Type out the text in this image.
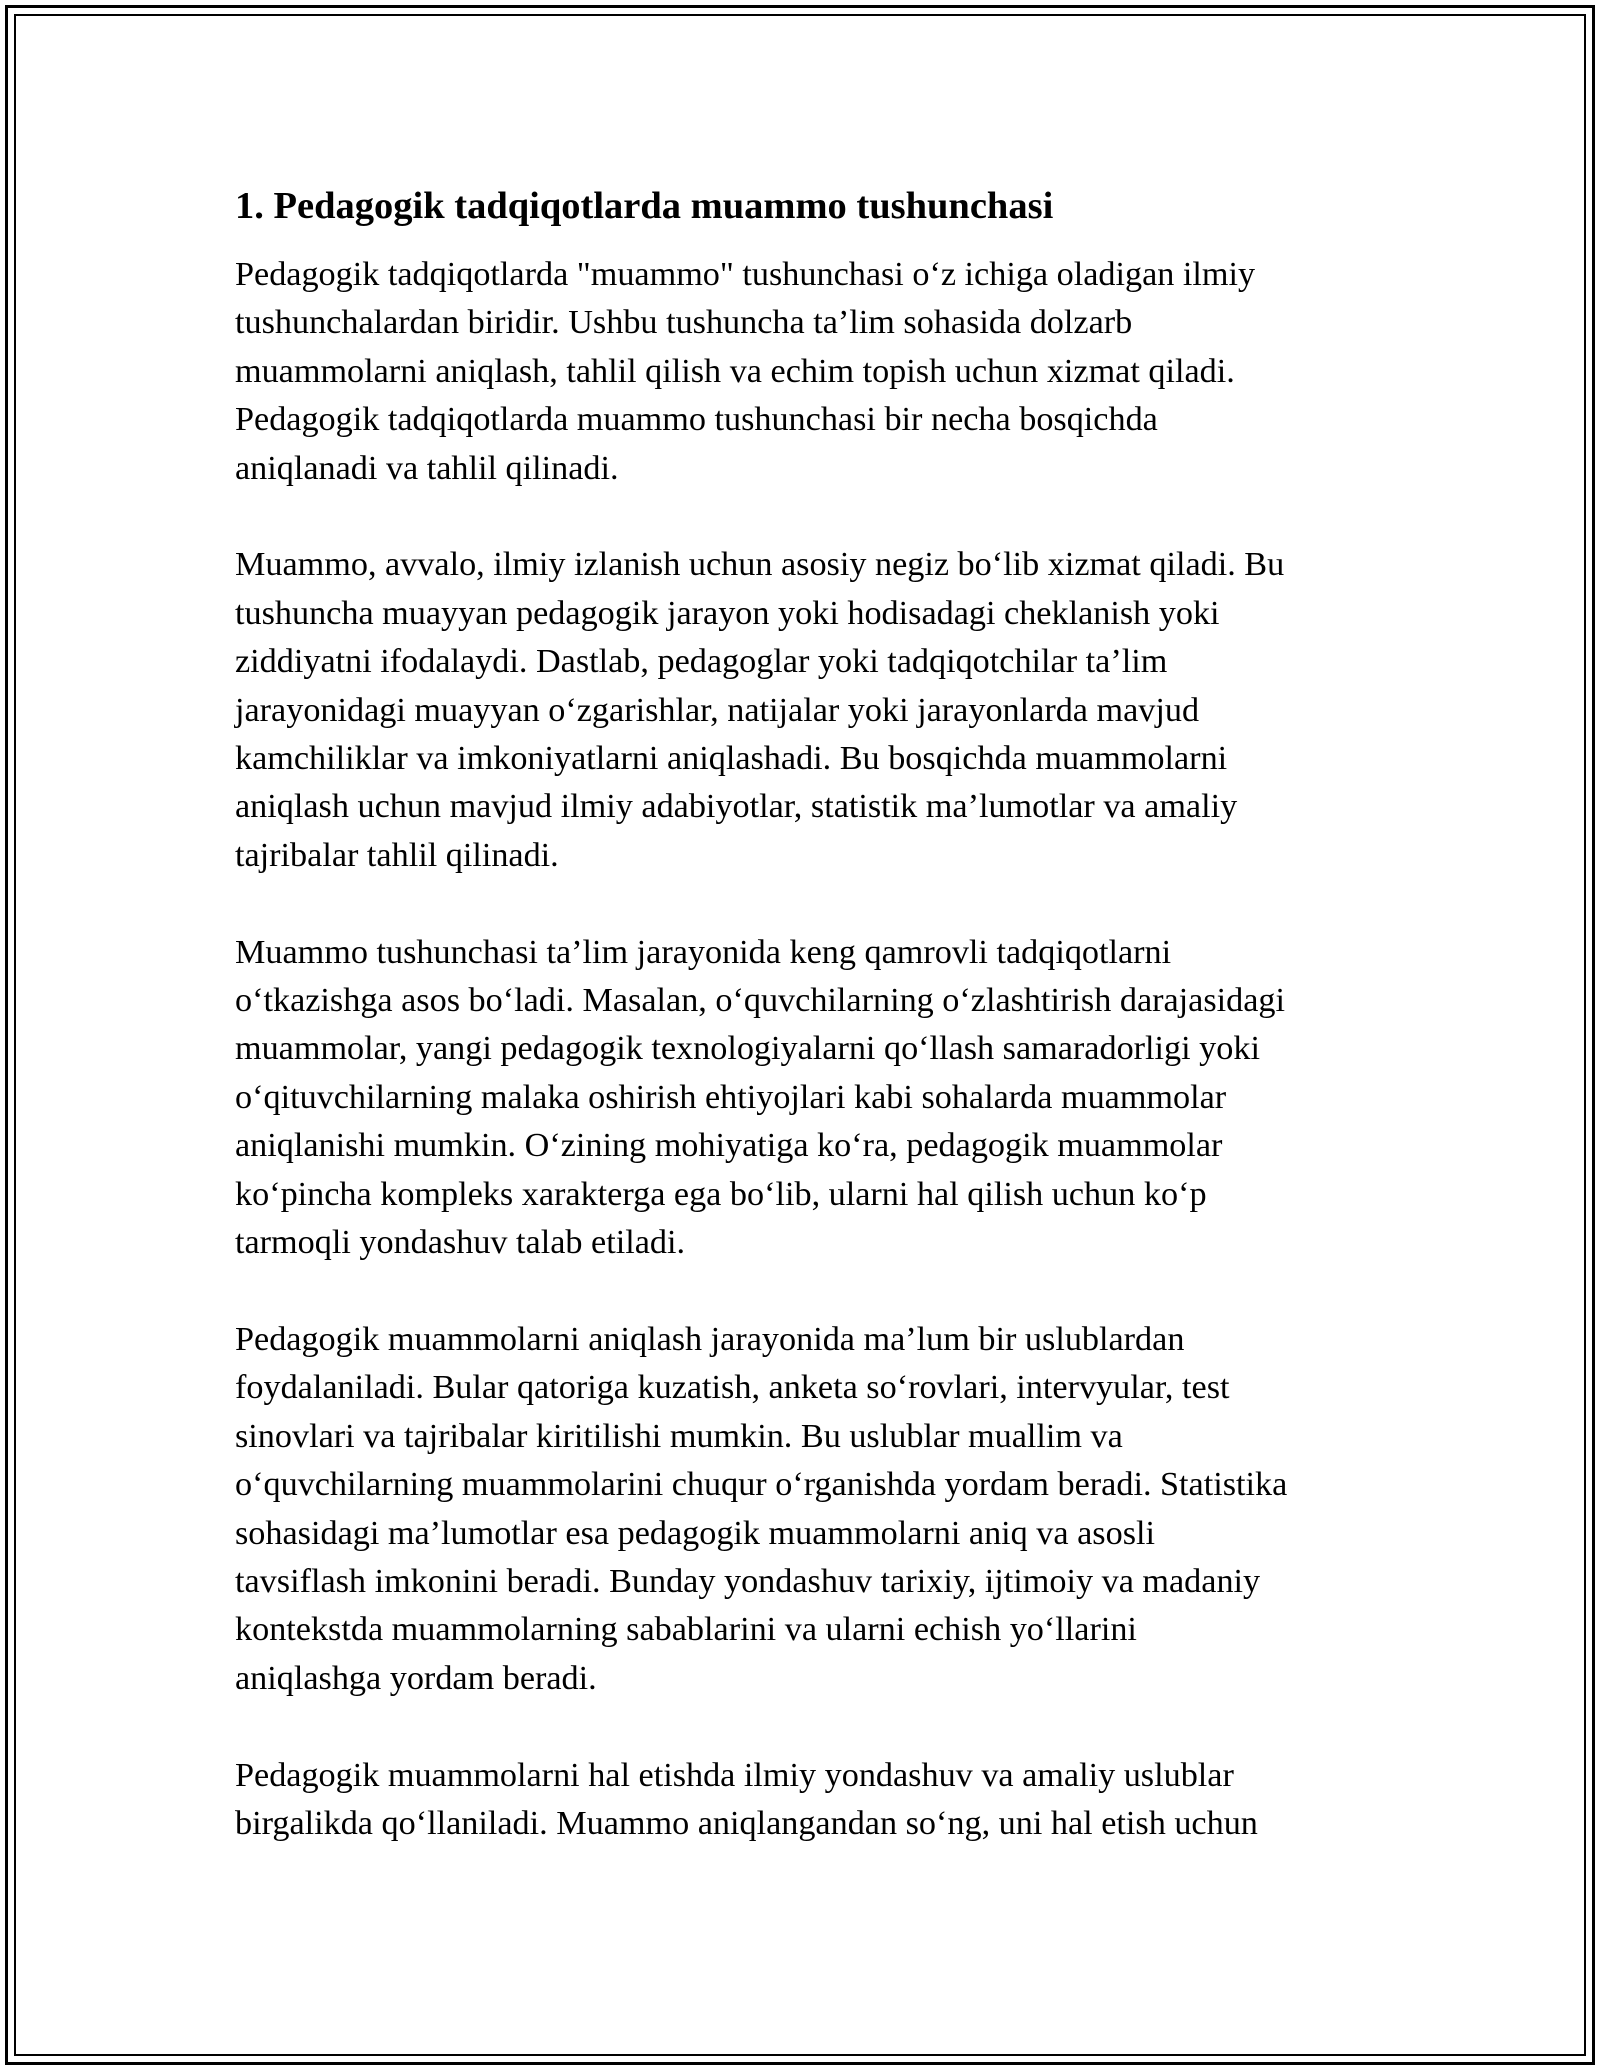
1. Pedagogik tadqiqotlarda muammo tushunchasi
Pedagogik tadqiqotlarda "muammo" tushunchasi o‘z ichiga oladigan ilmiy
tushunchalardan biridir. Ushbu tushuncha ta’lim sohasida dolzarb
muammolarni aniqlash, tahlil qilish va echim topish uchun xizmat qiladi.
Pedagogik tadqiqotlarda muammo tushunchasi bir necha bosqichda
aniqlanadi va tahlil qilinadi.
Muammo, avvalo, ilmiy izlanish uchun asosiy negiz bo‘lib xizmat qiladi. Bu
tushuncha muayyan pedagogik jarayon yoki hodisadagi cheklanish yoki
ziddiyatni ifodalaydi. Dastlab, pedagoglar yoki tadqiqotchilar ta’lim
jarayonidagi muayyan o‘zgarishlar, natijalar yoki jarayonlarda mavjud
kamchiliklar va imkoniyatlarni aniqlashadi. Bu bosqichda muammolarni
aniqlash uchun mavjud ilmiy adabiyotlar, statistik ma’lumotlar va amaliy
tajribalar tahlil qilinadi.
Muammo tushunchasi ta’lim jarayonida keng qamrovli tadqiqotlarni
o‘tkazishga asos bo‘ladi. Masalan, o‘quvchilarning o‘zlashtirish darajasidagi
muammolar, yangi pedagogik texnologiyalarni qo‘llash samaradorligi yoki
o‘qituvchilarning malaka oshirish ehtiyojlari kabi sohalarda muammolar
aniqlanishi mumkin. O‘zining mohiyatiga ko‘ra, pedagogik muammolar
ko‘pincha kompleks xarakterga ega bo‘lib, ularni hal qilish uchun ko‘p
tarmoqli yondashuv talab etiladi.
Pedagogik muammolarni aniqlash jarayonida ma’lum bir uslublardan
foydalaniladi. Bular qatoriga kuzatish, anketa so‘rovlari, intervyular, test
sinovlari va tajribalar kiritilishi mumkin. Bu uslublar muallim va
o‘quvchilarning muammolarini chuqur o‘rganishda yordam beradi. Statistika
sohasidagi ma’lumotlar esa pedagogik muammolarni aniq va asosli
tavsiflash imkonini beradi. Bunday yondashuv tarixiy, ijtimoiy va madaniy
kontekstda muammolarning sabablarini va ularni echish yo‘llarini
aniqlashga yordam beradi.
Pedagogik muammolarni hal etishda ilmiy yondashuv va amaliy uslublar
birgalikda qo‘llaniladi. Muammo aniqlangandan so‘ng, uni hal etish uchun
